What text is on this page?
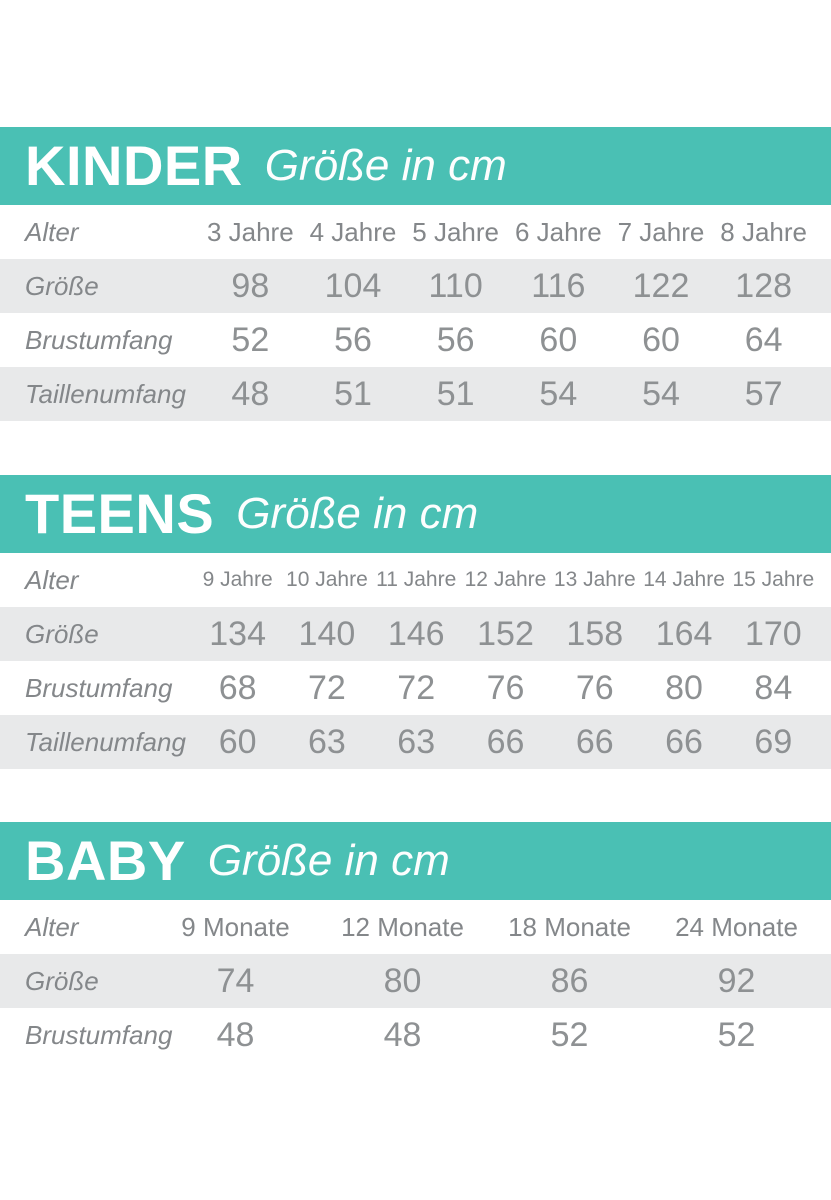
KINDER Größe in cm
Alter	3 Jahre 4 Jahre 5 Jahre 6 Jahre 7 Jahre 8 Jahre
Größe	98	104	110	116	122	128
Brustumfang	52	56	56	60	60	64
Taillenumfang	48	51	51	54	54	57
TEENS Größe in cm
Alter	9 Jahre 10 Jahre 11 Jahre 12 Jahre 13 Jahre 14 Jahre 15 Jahre
Größe	134 140 146 152 158 164 170
Brustumfang	68	72	72	76	76	80	84
Taillenumfang 60	63	63	66	66	66	69
BABY Größe in cm
Alter	9 Monate	12 Monate	18 Monate	24 Monate
Größe	74	80	86	92
Brustumfang	48	48	52	52
